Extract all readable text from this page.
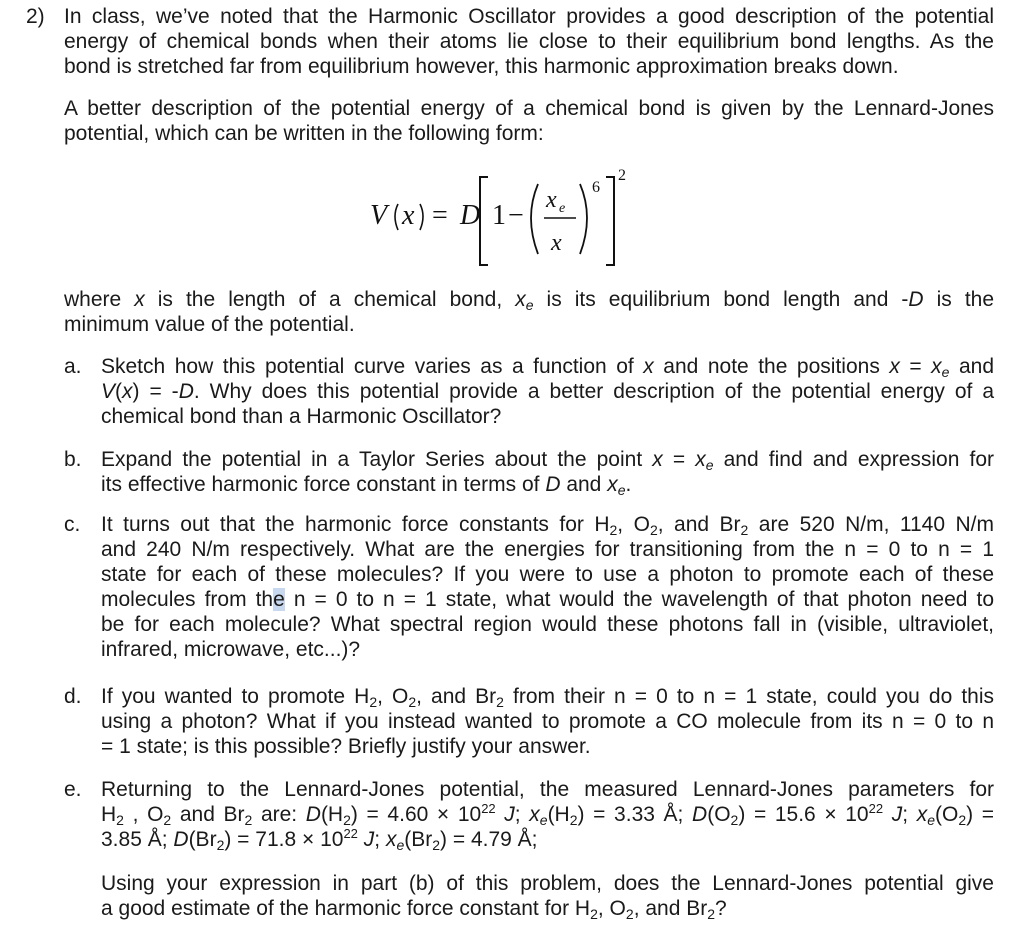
2) In class, we’ve noted that the Harmonic Oscillator provides a good description of the potential
energy of chemical bonds when their atoms lie close to their equilibrium bond lengths. As the
bond is stretched far from equilibrium however, this harmonic approximation breaks down.
A better description of the potential energy of a chemical bond is given by the Lennard-Jones
potential, which can be written in the following form:
V x = D 1 − x e
x
6
2
where x is the length of a chemical bond, $x_e$ is its equilibrium bond length and -D is the
minimum value of the potential.
a. Sketch how this potential curve varies as a function of x and note the positions $x = x_e$ and
V(x) = -D. Why does this potential provide a better description of the potential energy of a
chemical bond than a Harmonic Oscillator?
b. Expand the potential in a Taylor Series about the point $x = x_e$ and find and expression for
its effective harmonic force constant in terms of D and $x_e$.
c. It turns out that the harmonic force constants for $H_2$, $O_2$, and $Br_2$ are 520 N/m, 1140 N/m
and 240 N/m respectively. What are the energies for transitioning from the n = 0 to n = 1
state for each of these molecules? If you were to use a photon to promote each of these
molecules from the n = 0 to n = 1 state, what would the wavelength of that photon need to
be for each molecule? What spectral region would these photons fall in (visible, ultraviolet,
infrared, microwave, etc...)?
d. If you wanted to promote $H_2$, $O_2$, and $Br_2$ from their n = 0 to n = 1 state, could you do this
using a photon? What if you instead wanted to promote a CO molecule from its n = 0 to n
= 1 state; is this possible? Briefly justify your answer.
e. Returning to the Lennard-Jones potential, the measured Lennard-Jones parameters for
$H_2$ , $O_2$ and $Br_2$ are: $D(H_2) = 4.60 \times 10^{22}$ J; $x_e(H_2) = 3.33$ Å; $D(O_2) = 15.6 \times 10^{22}$ J; $x_e(O_2)$ =
3.85 Å; $D(Br_2) = 71.8 \times 10^{22}$ J; $x_e(Br_2) = 4.79$ Å;
Using your expression in part (b) of this problem, does the Lennard-Jones potential give
a good estimate of the harmonic force constant for $H_2$, $O_2$, and $Br_2$?
